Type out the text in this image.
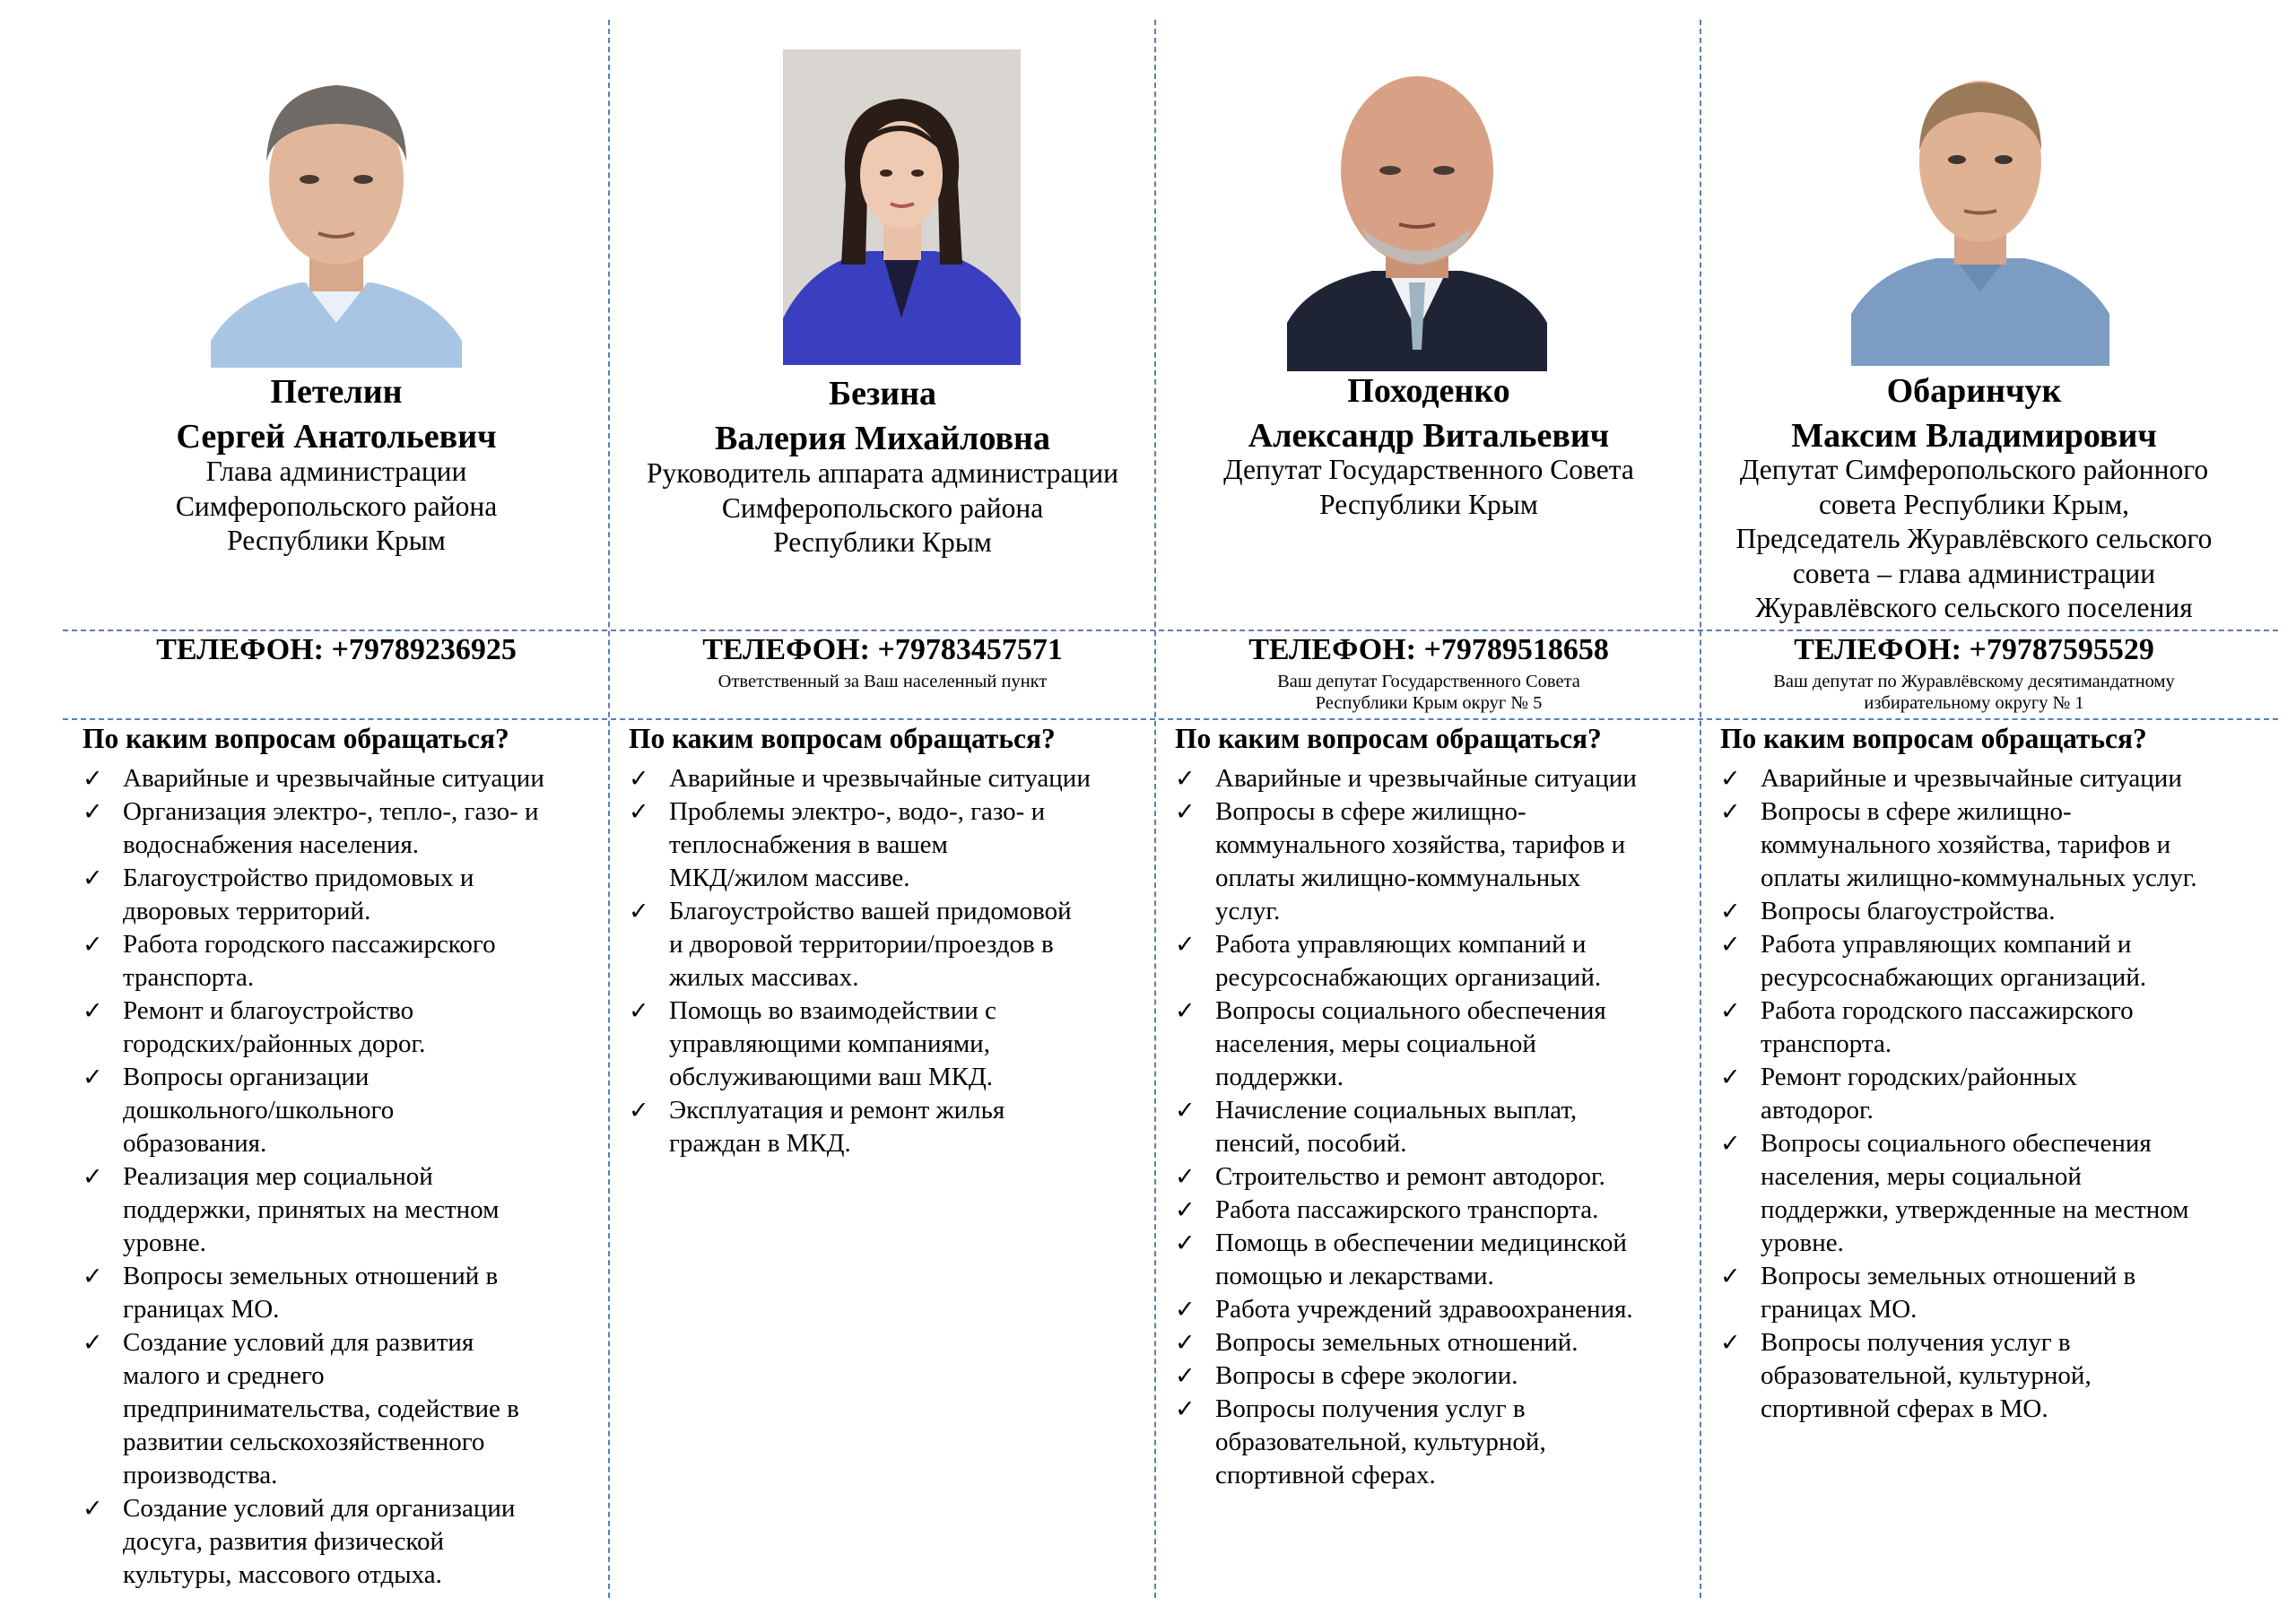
Петелин
Сергей Анатольевич
Глава администрации
Симферопольского района
Республики Крым
ТЕЛЕФОН: +79789236925
По каким вопросам обращаться?
✓ Аварийные и чрезвычайные ситуации
✓ Организация электро-, тепло-, газо- и
водоснабжения населения.
✓ Благоустройство придомовых и
дворовых территорий.
✓ Работа городского пассажирского
транспорта.
✓ Ремонт и благоустройство
городских/районных дорог.
✓ Вопросы организации
дошкольного/школьного
образования.
✓ Реализация мер социальной
поддержки, принятых на местном
уровне.
✓ Вопросы земельных отношений в
границах МО.
✓ Создание условий для развития
малого и среднего
предпринимательства, содействие в
развитии сельскохозяйственного
производства.
✓ Создание условий для организации
досуга, развития физической
культуры, массового отдыха.
Безина
Валерия Михайловна
Руководитель аппарата администрации
Симферопольского района
Республики Крым
ТЕЛЕФОН: +79783457571
Ответственный за Ваш населенный пункт
По каким вопросам обращаться?
✓ Аварийные и чрезвычайные ситуации
✓ Проблемы электро-, водо-, газо- и
теплоснабжения в вашем
МКД/жилом массиве.
✓ Благоустройство вашей придомовой
и дворовой территории/проездов в
жилых массивах.
✓ Помощь во взаимодействии с
управляющими компаниями,
обслуживающими ваш МКД.
✓ Эксплуатация и ремонт жилья
граждан в МКД.
Походенко
Александр Витальевич
Депутат Государственного Совета
Республики Крым
ТЕЛЕФОН: +79789518658
Ваш депутат Государственного Совета
Республики Крым округ № 5
По каким вопросам обращаться?
✓ Аварийные и чрезвычайные ситуации
✓ Вопросы в сфере жилищно-
коммунального хозяйства, тарифов и
оплаты жилищно-коммунальных
услуг.
✓ Работа управляющих компаний и
ресурсоснабжающих организаций.
✓ Вопросы социального обеспечения
населения, меры социальной
поддержки.
✓ Начисление социальных выплат,
пенсий, пособий.
✓ Строительство и ремонт автодорог.
✓ Работа пассажирского транспорта.
✓ Помощь в обеспечении медицинской
помощью и лекарствами.
✓ Работа учреждений здравоохранения.
✓ Вопросы земельных отношений.
✓ Вопросы в сфере экологии.
✓ Вопросы получения услуг в
образовательной, культурной,
спортивной сферах.
Обаринчук
Максим Владимирович
Депутат Симферопольского районного
совета Республики Крым,
Председатель Журавлёвского сельского
совета – глава администрации
Журавлёвского сельского поселения
ТЕЛЕФОН: +79787595529
Ваш депутат по Журавлёвскому десятимандатному
избирательному округу № 1
По каким вопросам обращаться?
✓ Аварийные и чрезвычайные ситуации
✓ Вопросы в сфере жилищно-
коммунального хозяйства, тарифов и
оплаты жилищно-коммунальных услуг.
✓ Вопросы благоустройства.
✓ Работа управляющих компаний и
ресурсоснабжающих организаций.
✓ Работа городского пассажирского
транспорта.
✓ Ремонт городских/районных
автодорог.
✓ Вопросы социального обеспечения
населения, меры социальной
поддержки, утвержденные на местном
уровне.
✓ Вопросы земельных отношений в
границах МО.
✓ Вопросы получения услуг в
образовательной, культурной,
спортивной сферах в МО.
